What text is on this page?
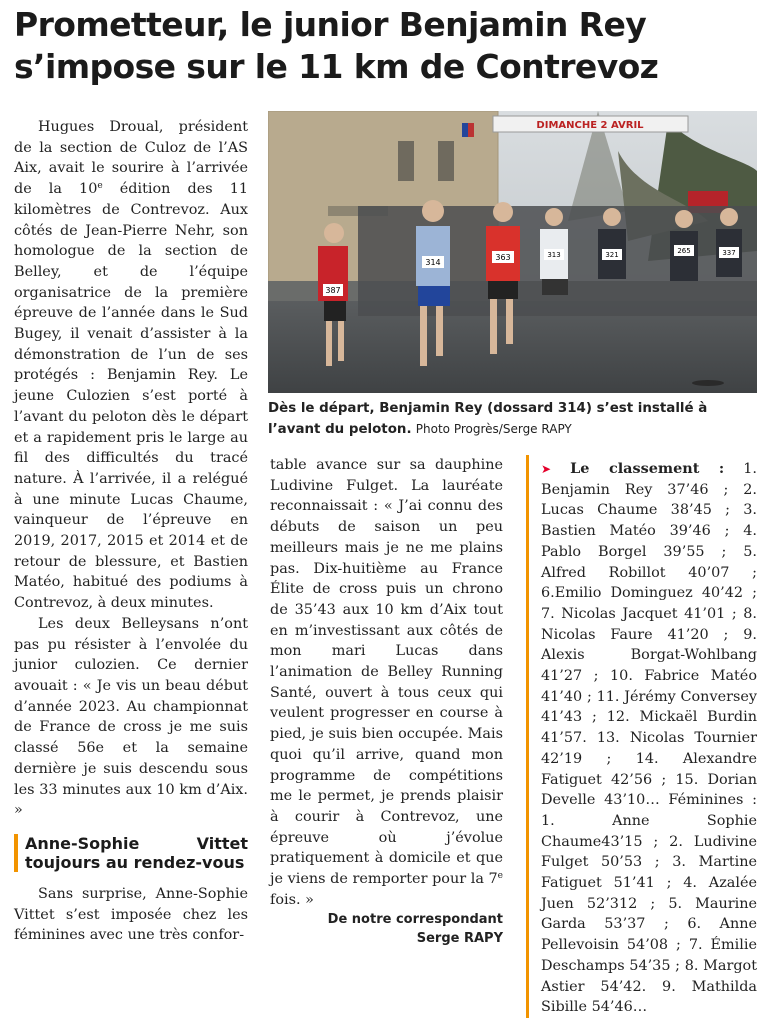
Prometteur, le junior Benjamin Rey s’impose sur le 11 km de Contrevoz

Hugues Droual, président de la section de Culoz de l’AS Aix, avait le sourire à l’arrivée de la 10e édition des 11 kilomètres de Contrevoz. Aux côtés de Jean-Pierre Nehr, son homologue de la section de Belley, et de l’équipe organisatrice de la première épreuve de l’année dans le Sud Bugey, il venait d’assister à la démonstration de l’un de ses protégés : Benjamin Rey. Le jeune Culozien s’est porté à l’avant du peloton dès le départ et a rapidement pris le large au fil des difficultés du tracé nature. À l’arrivée, il a relégué à une minute Lucas Chaume, vainqueur de l’épreuve en 2019, 2017, 2015 et 2014 et de retour de blessure, et Bastien Matéo, habitué des podiums à Contrevoz, à deux minutes.

Les deux Belleysans n’ont pas pu résister à l’envolée du junior culozien. Ce dernier avouait : « Je vis un beau début d’année 2023. Au championnat de France de cross je me suis classé 56e et la semaine dernière je suis descendu sous les 33 minutes aux 10 km d’Aix. »

Anne-Sophie Vittet toujours au rendez-vous

Sans surprise, Anne-Sophie Vittet s’est imposée chez les féminines avec une très confor-

DIMANCHE 2 AVRIL
387
314
363	313	321	265	337

Dès le départ, Benjamin Rey (dossard 314) s’est installé à l’avant du peloton. Photo Progrès/Serge RAPY

table avance sur sa dauphine Ludivine Fulget. La lauréate reconnaissait : « J’ai connu des débuts de saison un peu meilleurs mais je ne me plains pas. Dix-huitième au France Élite de cross puis un chrono de 35’43 aux 10 km d’Aix tout en m’investissant aux côtés de mon mari Lucas dans l’animation de Belley Running Santé, ouvert à tous ceux qui veulent progresser en course à pied, je suis bien occupée. Mais quoi qu’il arrive, quand mon programme de compétitions me le permet, je prends plaisir à courir à Contrevoz, une épreuve où j’évolue pratiquement à domicile et que je viens de remporter pour la 7e fois. »

De notre correspondant
Serge RAPY

➤ Le classement : 1. Benjamin Rey 37’46 ; 2. Lucas Chaume 38’45 ; 3. Bastien Matéo 39’46 ; 4. Pablo Borgel 39’55 ; 5. Alfred Robillot 40’07 ; 6.Emilio Dominguez 40’42 ; 7. Nicolas Jacquet 41’01 ; 8. Nicolas Faure 41’20 ; 9. Alexis Borgat-Wohlbang 41’27 ; 10. Fabrice Matéo 41’40 ; 11. Jérémy Conversey 41’43 ; 12. Mickaël Burdin 41’57. 13. Nicolas Tournier 42’19 ; 14. Alexandre Fatiguet 42’56 ; 15. Dorian Develle 43’10… Féminines : 1. Anne Sophie Chaume43’15 ; 2. Ludivine Fulget 50’53 ; 3. Martine Fatiguet 51’41 ; 4. Azalée Juen 52’312 ; 5. Maurine Garda 53’37 ; 6. Anne Pellevoisin 54’08 ; 7. Émilie Deschamps 54’35 ; 8. Margot Astier 54’42. 9. Mathilda Sibille 54’46…
